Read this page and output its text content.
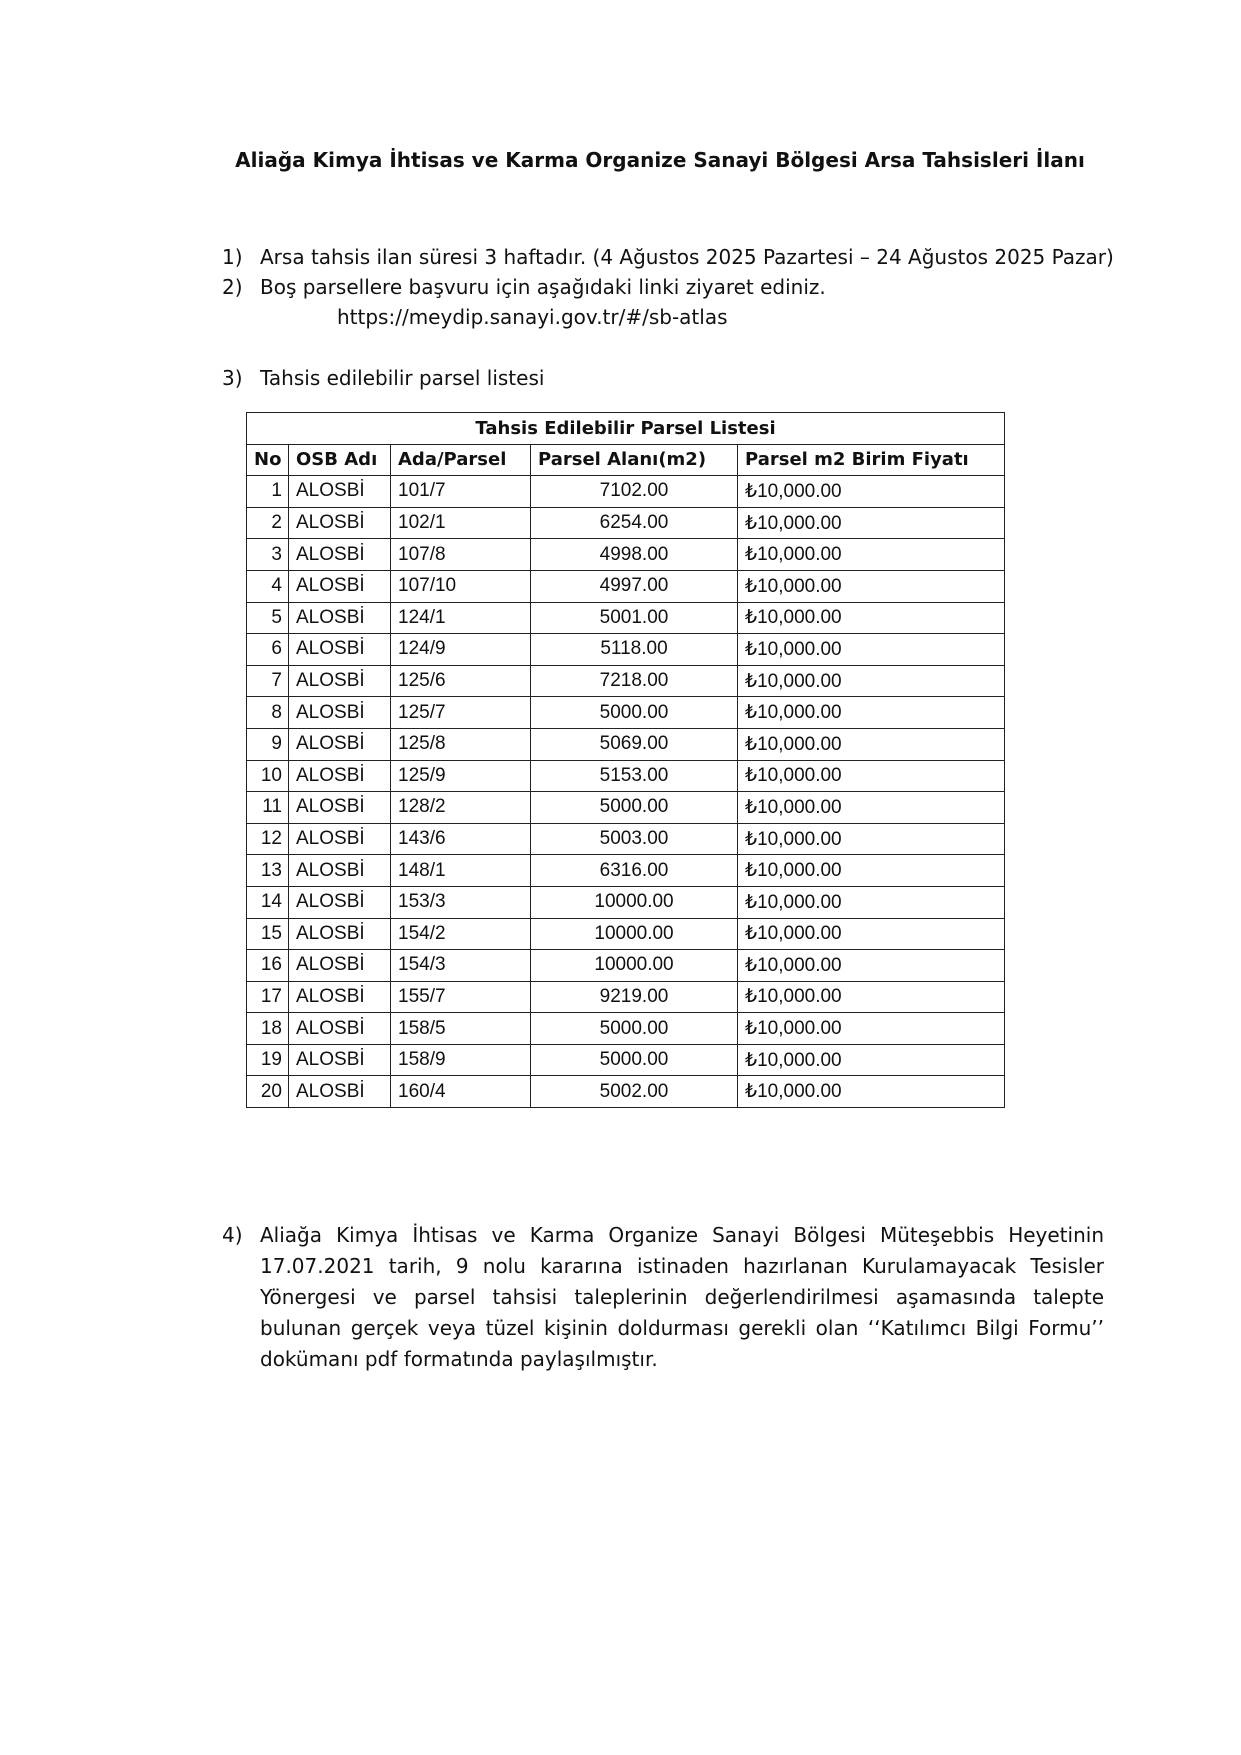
Aliağa Kimya İhtisas ve Karma Organize Sanayi Bölgesi Arsa Tahsisleri İlanı
1) Arsa tahsis ilan süresi 3 haftadır. (4 Ağustos 2025 Pazartesi – 24 Ağustos 2025 Pazar)
2) Boş parsellere başvuru için aşağıdaki linki ziyaret ediniz.
https://meydip.sanayi.gov.tr/#/sb-atlas
3) Tahsis edilebilir parsel listesi
Tahsis Edilebilir Parsel Listesi				
No	OSB Adı	Ada/Parsel	Parsel Alanı(m2)	Parsel m2 Birim Fiyatı
1	ALOSBİ	101/7	7102.00	₺10,000.00
2	ALOSBİ	102/1	6254.00	₺10,000.00
3	ALOSBİ	107/8	4998.00	₺10,000.00
4	ALOSBİ	107/10	4997.00	₺10,000.00
5	ALOSBİ	124/1	5001.00	₺10,000.00
6	ALOSBİ	124/9	5118.00	₺10,000.00
7	ALOSBİ	125/6	7218.00	₺10,000.00
8	ALOSBİ	125/7	5000.00	₺10,000.00
9	ALOSBİ	125/8	5069.00	₺10,000.00
10	ALOSBİ	125/9	5153.00	₺10,000.00
11	ALOSBİ	128/2	5000.00	₺10,000.00
12	ALOSBİ	143/6	5003.00	₺10,000.00
13	ALOSBİ	148/1	6316.00	₺10,000.00
14	ALOSBİ	153/3	10000.00	₺10,000.00
15	ALOSBİ	154/2	10000.00	₺10,000.00
16	ALOSBİ	154/3	10000.00	₺10,000.00
17	ALOSBİ	155/7	9219.00	₺10,000.00
18	ALOSBİ	158/5	5000.00	₺10,000.00
19	ALOSBİ	158/9	5000.00	₺10,000.00
20	ALOSBİ	160/4	5002.00	₺10,000.00
4) Aliağa Kimya İhtisas ve Karma Organize Sanayi Bölgesi Müteşebbis Heyetinin 17.07.2021 tarih, 9 nolu kararına istinaden hazırlanan Kurulamayacak Tesisler Yönergesi ve parsel tahsisi taleplerinin değerlendirilmesi aşamasında talepte bulunan gerçek veya tüzel kişinin doldurması gerekli olan ‘‘Katılımcı Bilgi Formu’’ dokümanı pdf formatında paylaşılmıştır.
